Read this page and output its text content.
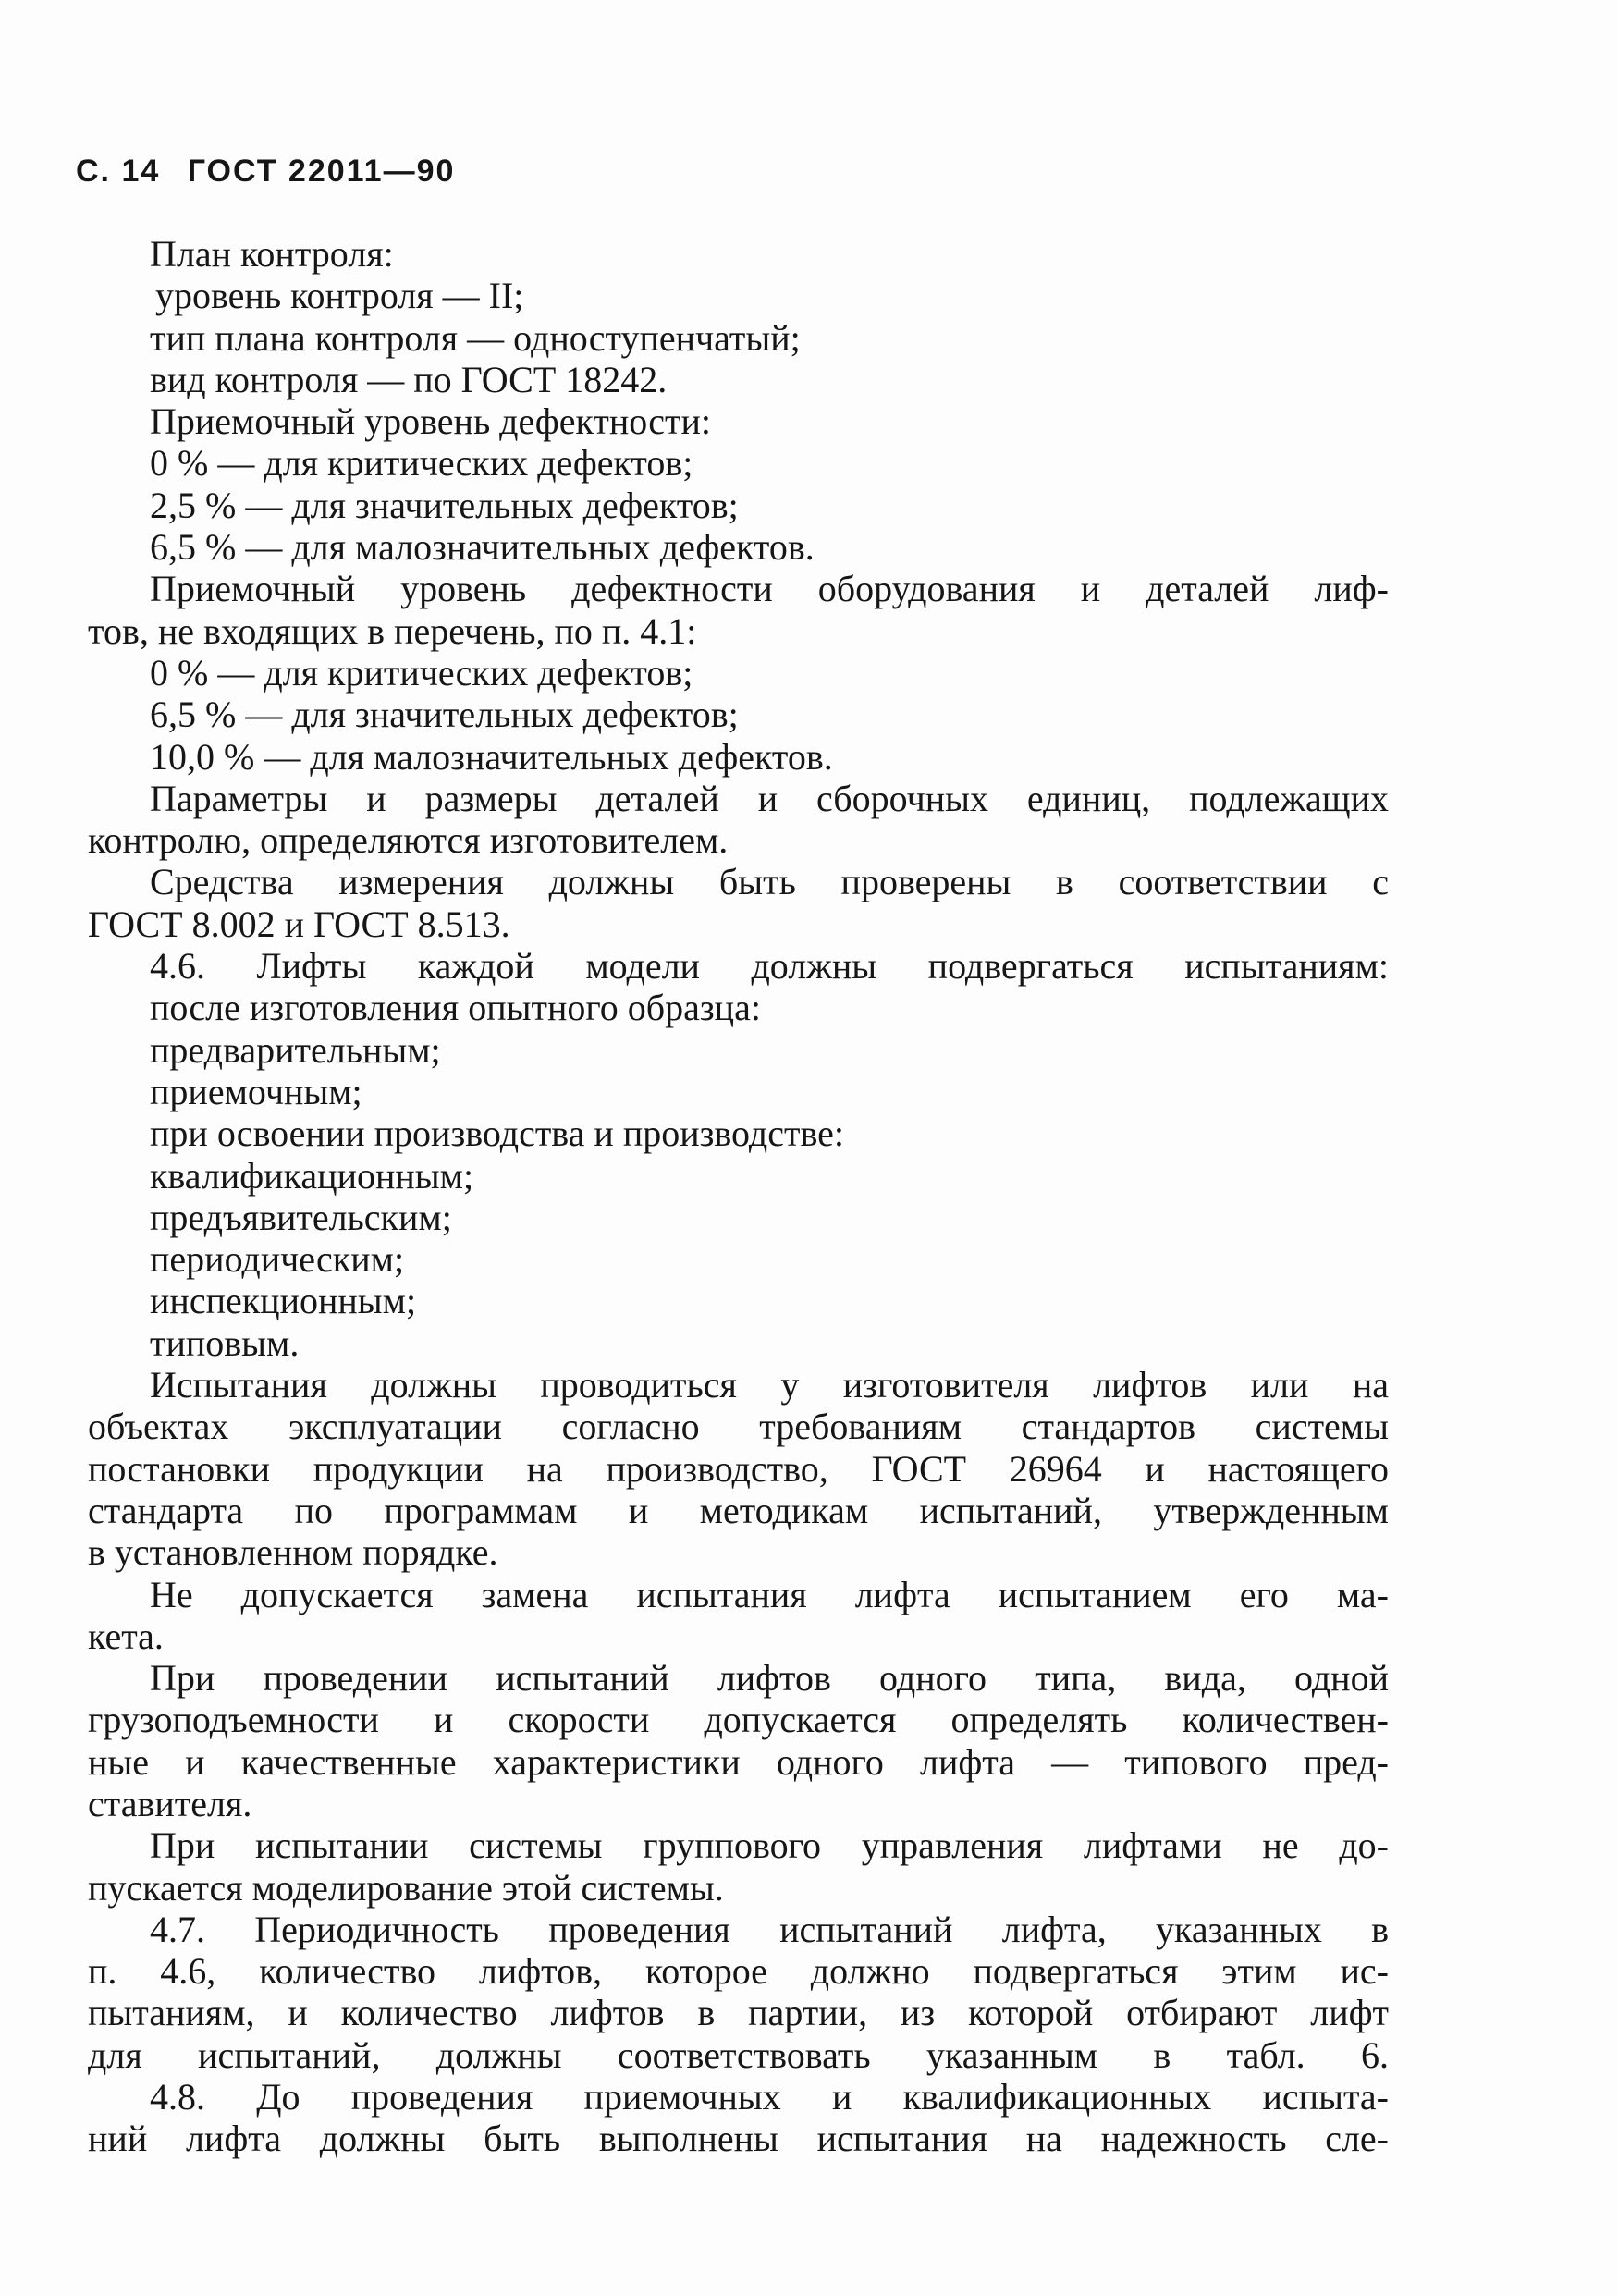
С. 14 ГОСТ 22011—90
План контроля:
уровень контроля — II;
тип плана контроля — одноступенчатый;
вид контроля — по ГОСТ 18242.
Приемочный уровень дефектности:
0 % — для критических дефектов;
2,5 % — для значительных дефектов;
6,5 % — для малозначительных дефектов.
Приемочный уровень дефектности оборудования и деталей лиф-
тов, не входящих в перечень, по п. 4.1:
0 % — для критических дефектов;
6,5 % — для значительных дефектов;
10,0 % — для малозначительных дефектов.
Параметры и размеры деталей и сборочных единиц, подлежащих
контролю, определяются изготовителем.
Средства измерения должны быть проверены в соответствии с
ГОСТ 8.002 и ГОСТ 8.513.
4.6. Лифты каждой модели должны подвергаться испытаниям:
после изготовления опытного образца:
предварительным;
приемочным;
при освоении производства и производстве:
квалификационным;
предъявительским;
периодическим;
инспекционным;
типовым.
Испытания должны проводиться у изготовителя лифтов или на
объектах эксплуатации согласно требованиям стандартов системы
постановки продукции на производство, ГОСТ 26964 и настоящего
стандарта по программам и методикам испытаний, утвержденным
в установленном порядке.
Не допускается замена испытания лифта испытанием его ма-
кета.
При проведении испытаний лифтов одного типа, вида, одной
грузоподъемности и скорости допускается определять количествен-
ные и качественные характеристики одного лифта — типового пред-
ставителя.
При испытании системы группового управления лифтами не до-
пускается моделирование этой системы.
4.7. Периодичность проведения испытаний лифта, указанных в
п. 4.6, количество лифтов, которое должно подвергаться этим ис-
пытаниям, и количество лифтов в партии, из которой отбирают лифт
для испытаний, должны соответствовать указанным в табл. 6.
4.8. До проведения приемочных и квалификационных испыта-
ний лифта должны быть выполнены испытания на надежность сле-
